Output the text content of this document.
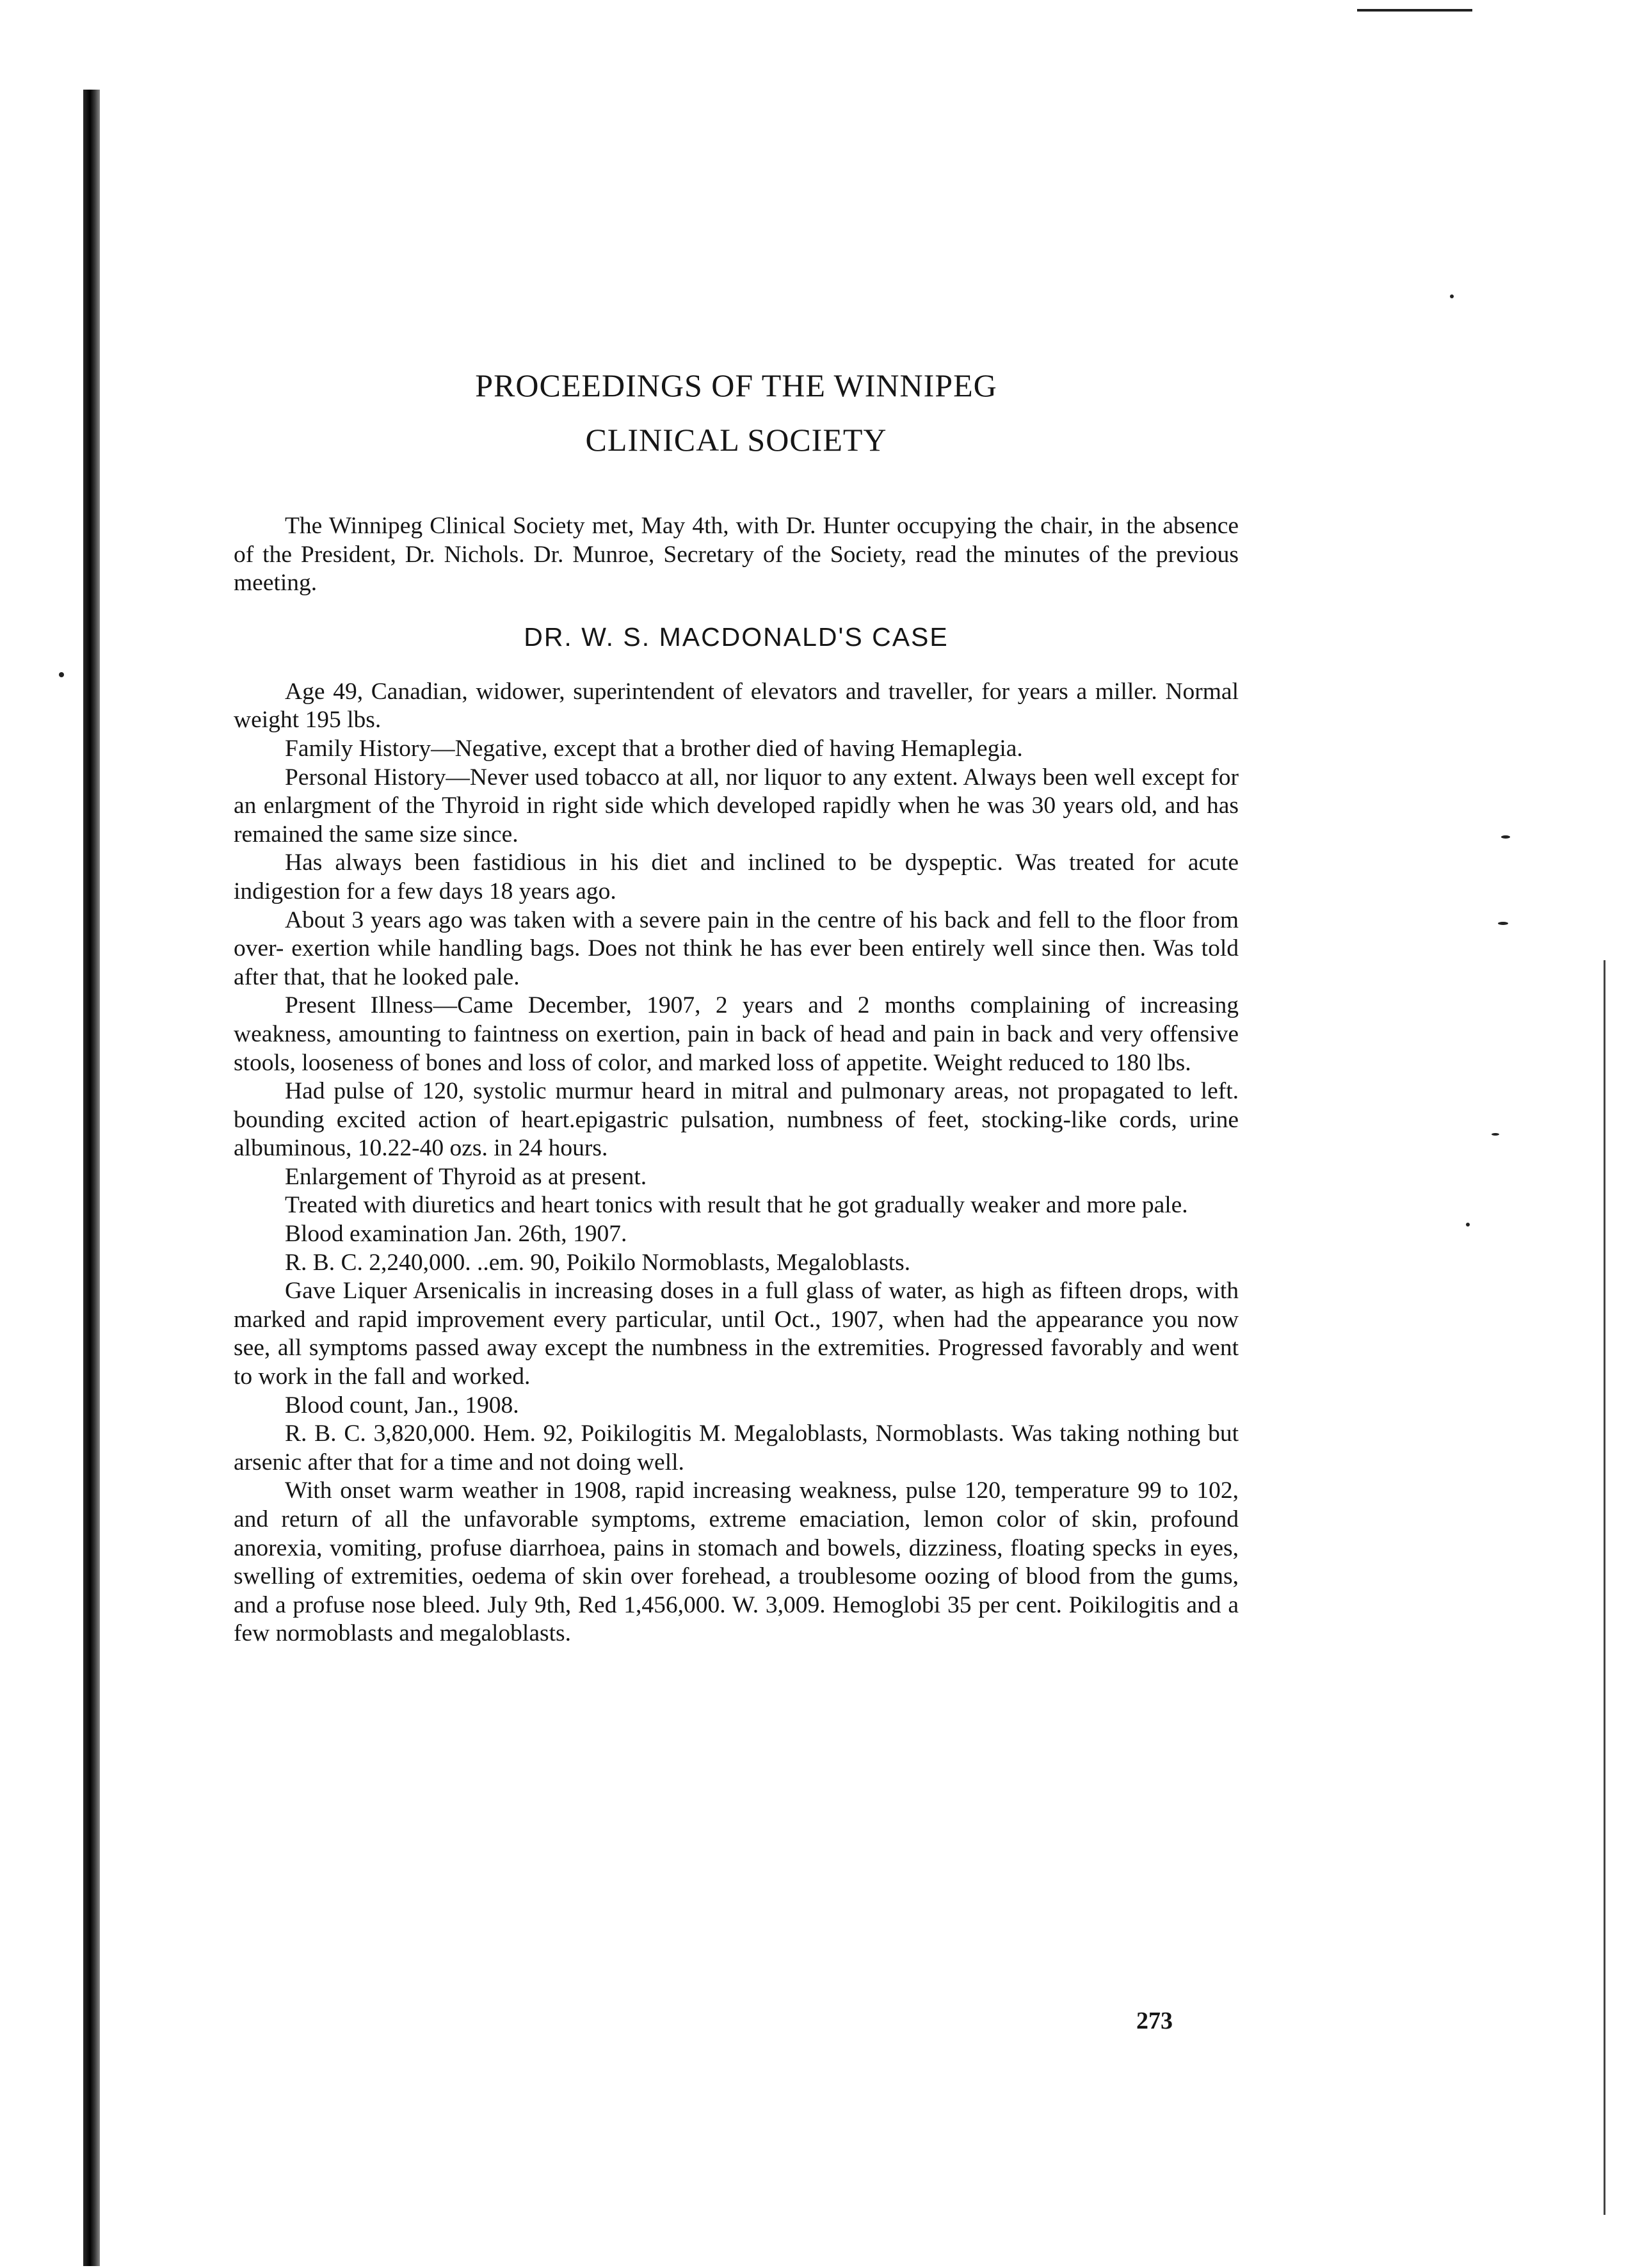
PROCEEDINGS OF THE WINNIPEG
CLINICAL SOCIETY

The Winnipeg Clinical Society met, May 4th, with Dr. Hunter occupying the chair, in the absence of the President, Dr. Nichols. Dr. Munroe, Secretary of the Society, read the minutes of the previous meeting.

DR. W. S. MACDONALD'S CASE

Age 49, Canadian, widower, superintendent of elevators and traveller, for years a miller. Normal weight 195 lbs.

Family History—Negative, except that a brother died of having Hemaplegia.

Personal History—Never used tobacco at all, nor liquor to any extent. Always been well except for an enlargment of the Thyroid in right side which developed rapidly when he was 30 years old, and has remained the same size since.

Has always been fastidious in his diet and inclined to be dyspeptic. Was treated for acute indigestion for a few days 18 years ago.

About 3 years ago was taken with a severe pain in the centre of his back and fell to the floor from over- exertion while handling bags. Does not think he has ever been entirely well since then. Was told after that, that he looked pale.

Present Illness—Came December, 1907, 2 years and 2 months complaining of increasing weakness, amounting to faintness on exertion, pain in back of head and pain in back and very offensive stools, looseness of bones and loss of color, and marked loss of appetite. Weight reduced to 180 lbs.

Had pulse of 120, systolic murmur heard in mitral and pulmonary areas, not propagated to left. bounding excited action of heart.epigastric pulsation, numbness of feet, stocking-like cords, urine albuminous, 10.22-40 ozs. in 24 hours.

Enlargement of Thyroid as at present.

Treated with diuretics and heart tonics with result that he got gradually weaker and more pale.

Blood examination Jan. 26th, 1907.

R. B. C. 2,240,000. ..em. 90, Poikilo Normoblasts, Megaloblasts.

Gave Liquer Arsenicalis in increasing doses in a full glass of water, as high as fifteen drops, with marked and rapid improvement every particular, until Oct., 1907, when had the appearance you now see, all symptoms passed away except the numbness in the extremities. Progressed favorably and went to work in the fall and worked.

Blood count, Jan., 1908.

R. B. C. 3,820,000. Hem. 92, Poikilogitis M. Megaloblasts, Normoblasts. Was taking nothing but arsenic after that for a time and not doing well.

With onset warm weather in 1908, rapid increasing weakness, pulse 120, temperature 99 to 102, and return of all the unfavorable symptoms, extreme emaciation, lemon color of skin, profound anorexia, vomiting, profuse diarrhoea, pains in stomach and bowels, dizziness, floating specks in eyes, swelling of extremities, oedema of skin over forehead, a troublesome oozing of blood from the gums, and a profuse nose bleed. July 9th, Red 1,456,000. W. 3,009. Hemoglobi 35 per cent. Poikilogitis and a few normoblasts and megaloblasts.

273
